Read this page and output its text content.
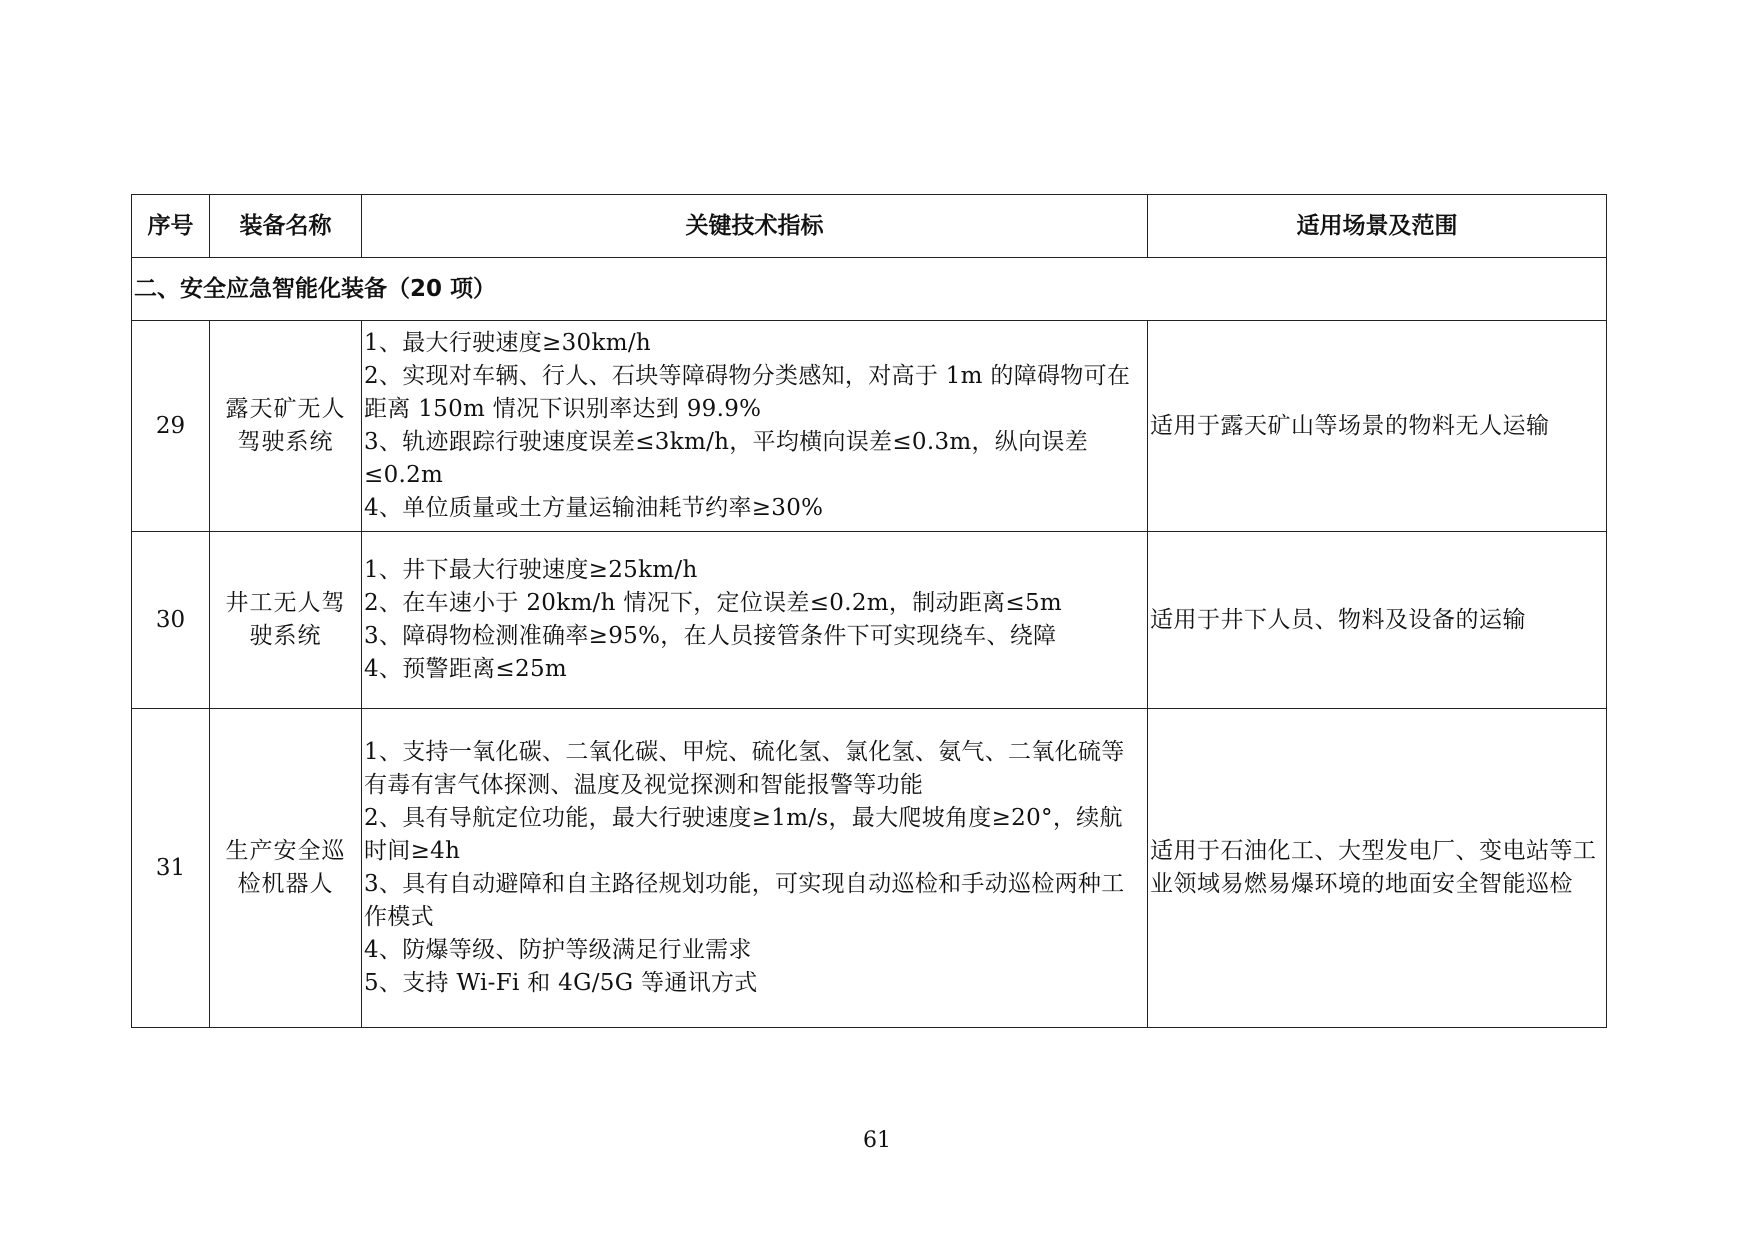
序号	装备名称	关键技术指标	适用场景及范围
二、安全应急智能化装备（20 项）			
29	露天矿无人驾驶系统	1、最大行驶速度≥30km/h
2、实现对车辆、行人、石块等障碍物分类感知，对高于 1m 的障碍物可在距离 150m 情况下识别率达到 99.9%
3、轨迹跟踪行驶速度误差≤3km/h，平均横向误差≤0.3m，纵向误差≤0.2m
4、单位质量或土方量运输油耗节约率≥30%	适用于露天矿山等场景的物料无人运输
30	井工无人驾驶系统	1、井下最大行驶速度≥25km/h
2、在车速小于 20km/h 情况下，定位误差≤0.2m，制动距离≤5m
3、障碍物检测准确率≥95%，在人员接管条件下可实现绕车、绕障
4、预警距离≤25m	适用于井下人员、物料及设备的运输
31	生产安全巡检机器人	1、支持一氧化碳、二氧化碳、甲烷、硫化氢、氯化氢、氨气、二氧化硫等有毒有害气体探测、温度及视觉探测和智能报警等功能
2、具有导航定位功能，最大行驶速度≥1m/s，最大爬坡角度≥20°，续航时间≥4h
3、具有自动避障和自主路径规划功能，可实现自动巡检和手动巡检两种工作模式
4、防爆等级、防护等级满足行业需求
5、支持 Wi-Fi 和 4G/5G 等通讯方式	适用于石油化工、大型发电厂、变电站等工业领域易燃易爆环境的地面安全智能巡检
61
